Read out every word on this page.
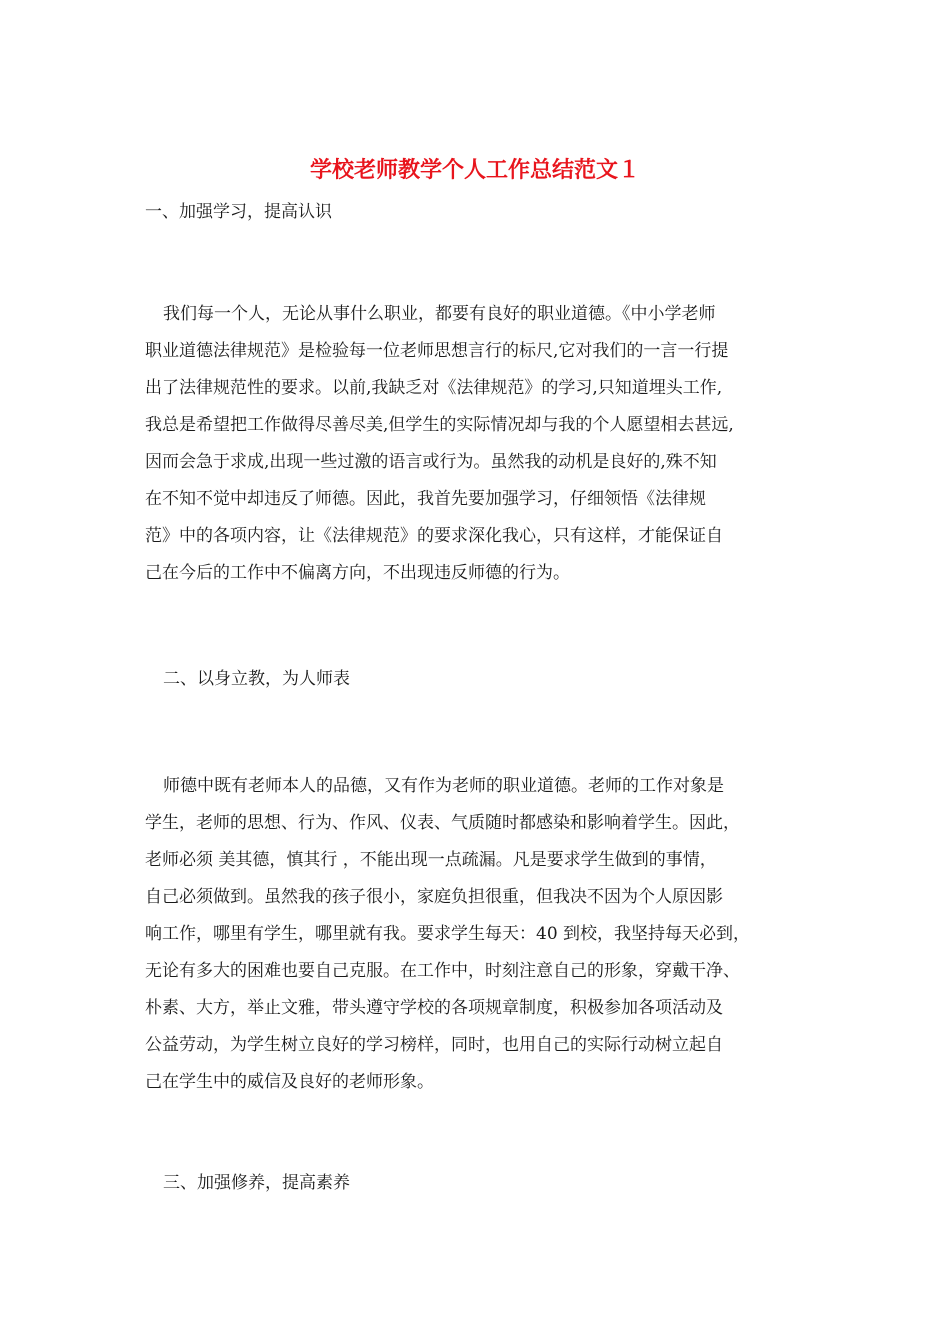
学校老师教学个人工作总结范文１
一、加强学习，提高认识
我们每一个人，无论从事什么职业，都要有良好的职业道德。《中小学老师
职业道德法律规范》是检验每一位老师思想言行的标尺,它对我们的一言一行提
出了法律规范性的要求。以前,我缺乏对《法律规范》的学习,只知道埋头工作,
我总是希望把工作做得尽善尽美,但学生的实际情况却与我的个人愿望相去甚远,
因而会急于求成,出现一些过激的语言或行为。虽然我的动机是良好的,殊不知
在不知不觉中却违反了师德。因此，我首先要加强学习，仔细领悟《法律规
范》中的各项内容，让《法律规范》的要求深化我心，只有这样，才能保证自
己在今后的工作中不偏离方向，不出现违反师德的行为。
二、以身立教，为人师表
师德中既有老师本人的品德，又有作为老师的职业道德。老师的工作对象是
学生，老师的思想、行为、作风、仪表、气质随时都感染和影响着学生。因此，
老师必须 美其德，慎其行 ，不能出现一点疏漏。凡是要求学生做到的事情，
自己必须做到。虽然我的孩子很小，家庭负担很重，但我决不因为个人原因影
响工作，哪里有学生，哪里就有我。要求学生每天：40 到校，我坚持每天必到，
无论有多大的困难也要自己克服。在工作中，时刻注意自己的形象，穿戴干净、
朴素、大方，举止文雅，带头遵守学校的各项规章制度，积极参加各项活动及
公益劳动，为学生树立良好的学习榜样，同时，也用自己的实际行动树立起自
己在学生中的威信及良好的老师形象。
三、加强修养，提高素养
